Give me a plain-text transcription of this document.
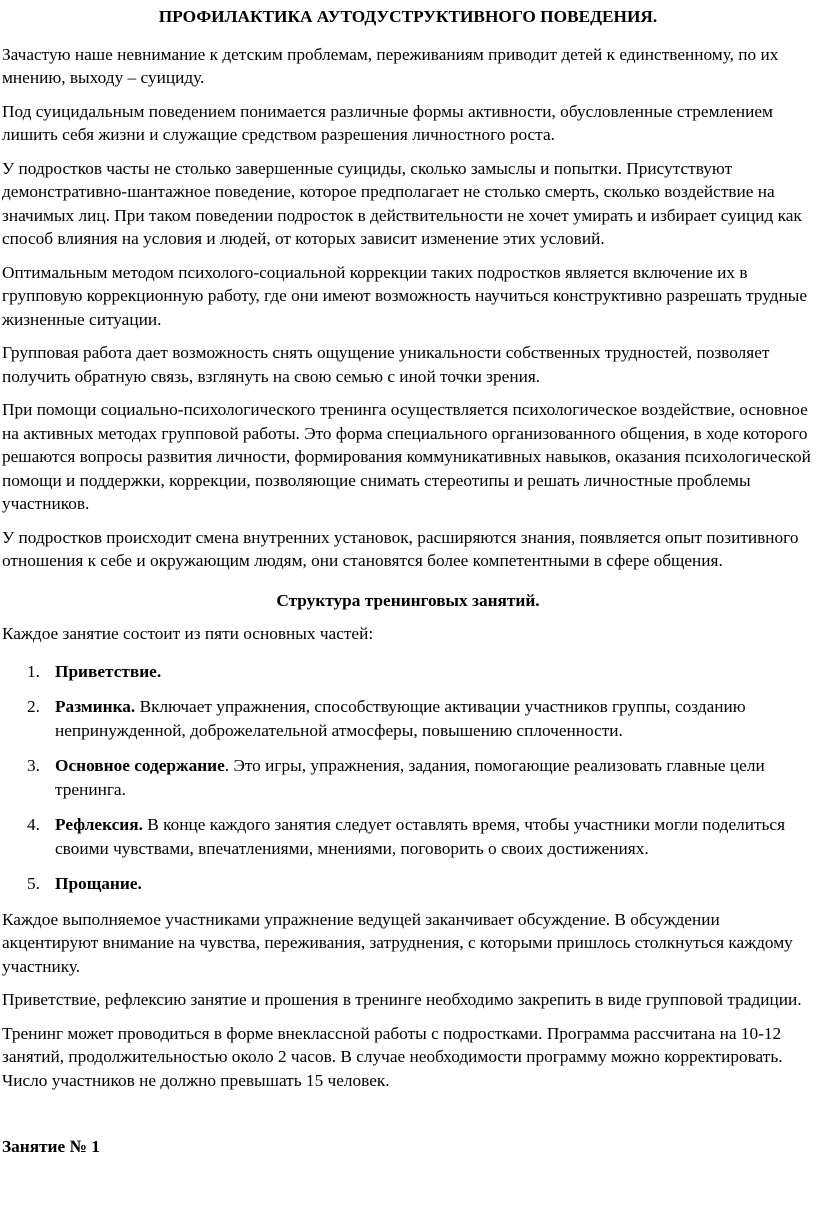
ПРОФИЛАКТИКА АУТОДУСТРУКТИВНОГО ПОВЕДЕНИЯ.

Зачастую наше невнимание к детским проблемам, переживаниям приводит детей к единственному, по их мнению, выходу – суициду.

Под суицидальным поведением понимается различные формы активности, обусловленные стремлением лишить себя жизни и служащие средством разрешения личностного роста.

У подростков часты не столько завершенные суициды, сколько замыслы и попытки. Присутствуют демонстративно-шантажное поведение, которое предполагает не столько смерть, сколько воздействие на значимых лиц. При таком поведении подросток в действительности не хочет умирать и избирает суицид как способ влияния на условия и людей, от которых зависит изменение этих условий.

Оптимальным методом психолого-социальной коррекции таких подростков является включение их в групповую коррекционную работу, где они имеют возможность научиться конструктивно разрешать трудные жизненные ситуации.

Групповая работа дает возможность снять ощущение уникальности собственных трудностей, позволяет получить обратную связь, взглянуть на свою семью с иной точки зрения.

При помощи социально-психологического тренинга осуществляется психологическое воздействие, основное на активных методах групповой работы. Это форма специального организованного общения, в ходе которого решаются вопросы развития личности, формирования коммуникативных навыков, оказания психологической помощи и поддержки, коррекции, позволяющие снимать стереотипы и решать личностные проблемы участников.

У подростков происходит смена внутренних установок, расширяются знания, появляется опыт позитивного отношения к себе и окружающим людям, они становятся более компетентными в сфере общения.

Структура тренинговых занятий.

Каждое занятие состоит из пяти основных частей:

1. Приветствие.
2. Разминка. Включает упражнения, способствующие активации участников группы, созданию непринужденной, доброжелательной атмосферы, повышению сплоченности.
3. Основное содержание. Это игры, упражнения, задания, помогающие реализовать главные цели тренинга.
4. Рефлексия. В конце каждого занятия следует оставлять время, чтобы участники могли поделиться своими чувствами, впечатлениями, мнениями, поговорить о своих достижениях.
5. Прощание.

Каждое выполняемое участниками упражнение ведущей заканчивает обсуждение. В обсуждении акцентируют внимание на чувства, переживания, затруднения, с которыми пришлось столкнуться каждому участнику.

Приветствие, рефлексию занятие и прошения в тренинге необходимо закрепить в виде групповой традиции.

Тренинг может проводиться в форме внеклассной работы с подростками. Программа рассчитана на 10-12 занятий, продолжительностью около 2 часов. В случае необходимости программу можно корректировать. Число участников не должно превышать 15 человек.

Занятие № 1
